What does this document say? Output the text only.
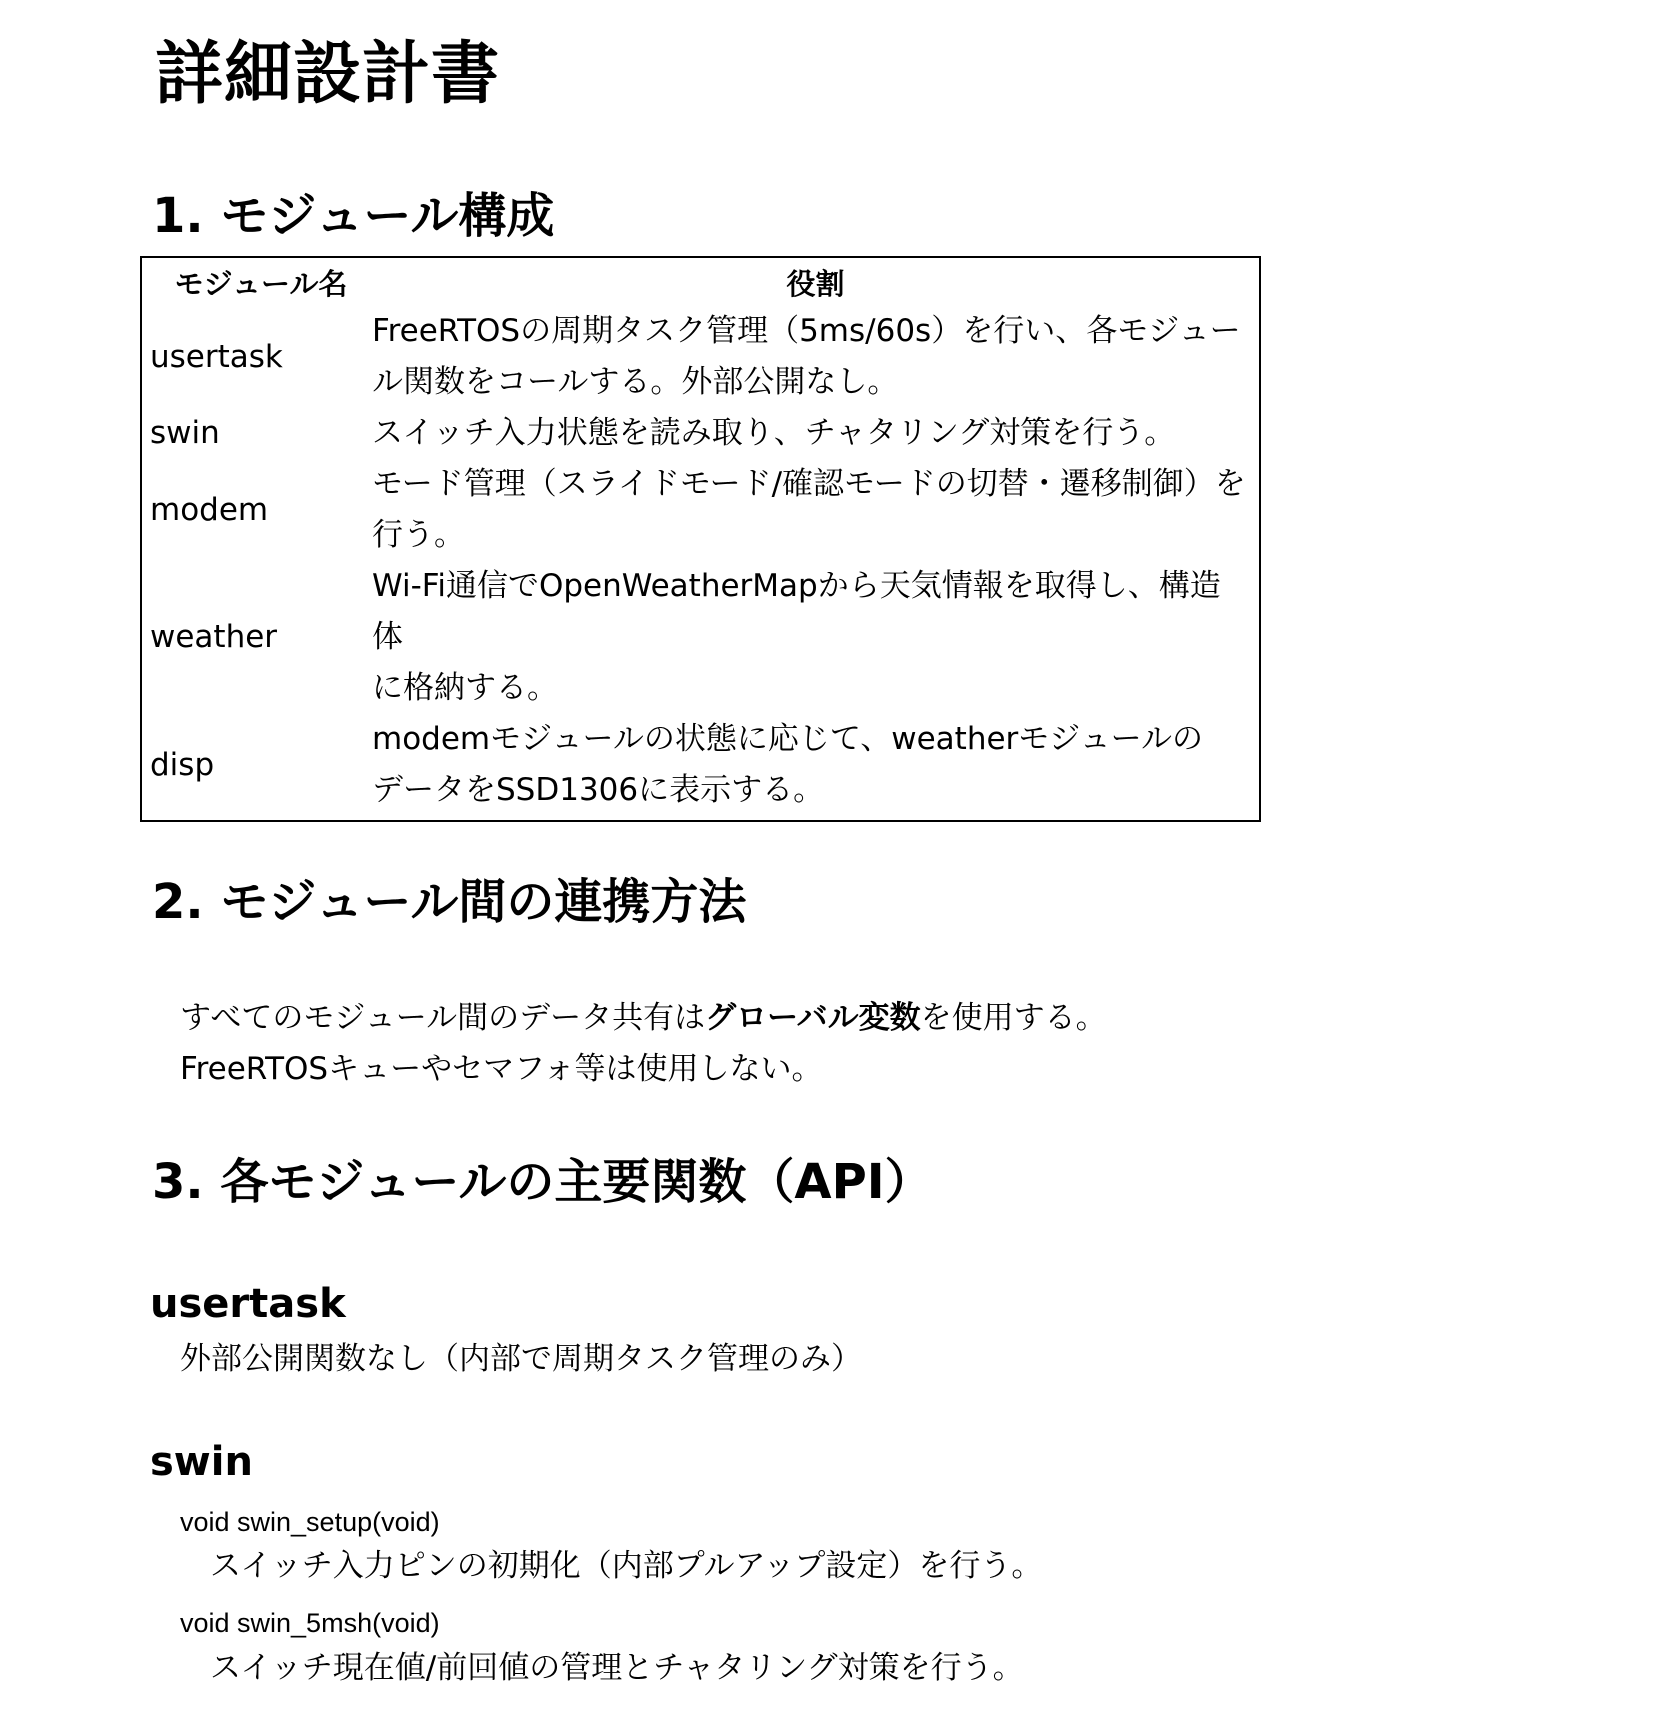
詳細設計書
1. モジュール構成
モジュール名	役割
usertask	FreeRTOSの周期タスク管理（5ms/60s）を行い、各モジュー
ル関数をコールする。外部公開なし。

swin	スイッチ入力状態を読み取り、チャタリング対策を行う。

modem	モード管理（スライドモード/確認モードの切替・遷移制御）を
行う。

weather	Wi-Fi通信でOpenWeatherMapから天気情報を取得し、構造体
に格納する。

disp	modemモジュールの状態に応じて、weatherモジュールの
データをSSD1306に表示する。
2. モジュール間の連携方法

すべてのモジュール間のデータ共有はグローバル変数を使用する。

FreeRTOSキューやセマフォ等は使用しない。

3. 各モジュールの主要関数（API）
usertask

外部公開関数なし（内部で周期タスク管理のみ）

swin

void swin_setup(void)

スイッチ入力ピンの初期化（内部プルアップ設定）を行う。

void swin_5msh(void)

スイッチ現在値/前回値の管理とチャタリング対策を行う。
